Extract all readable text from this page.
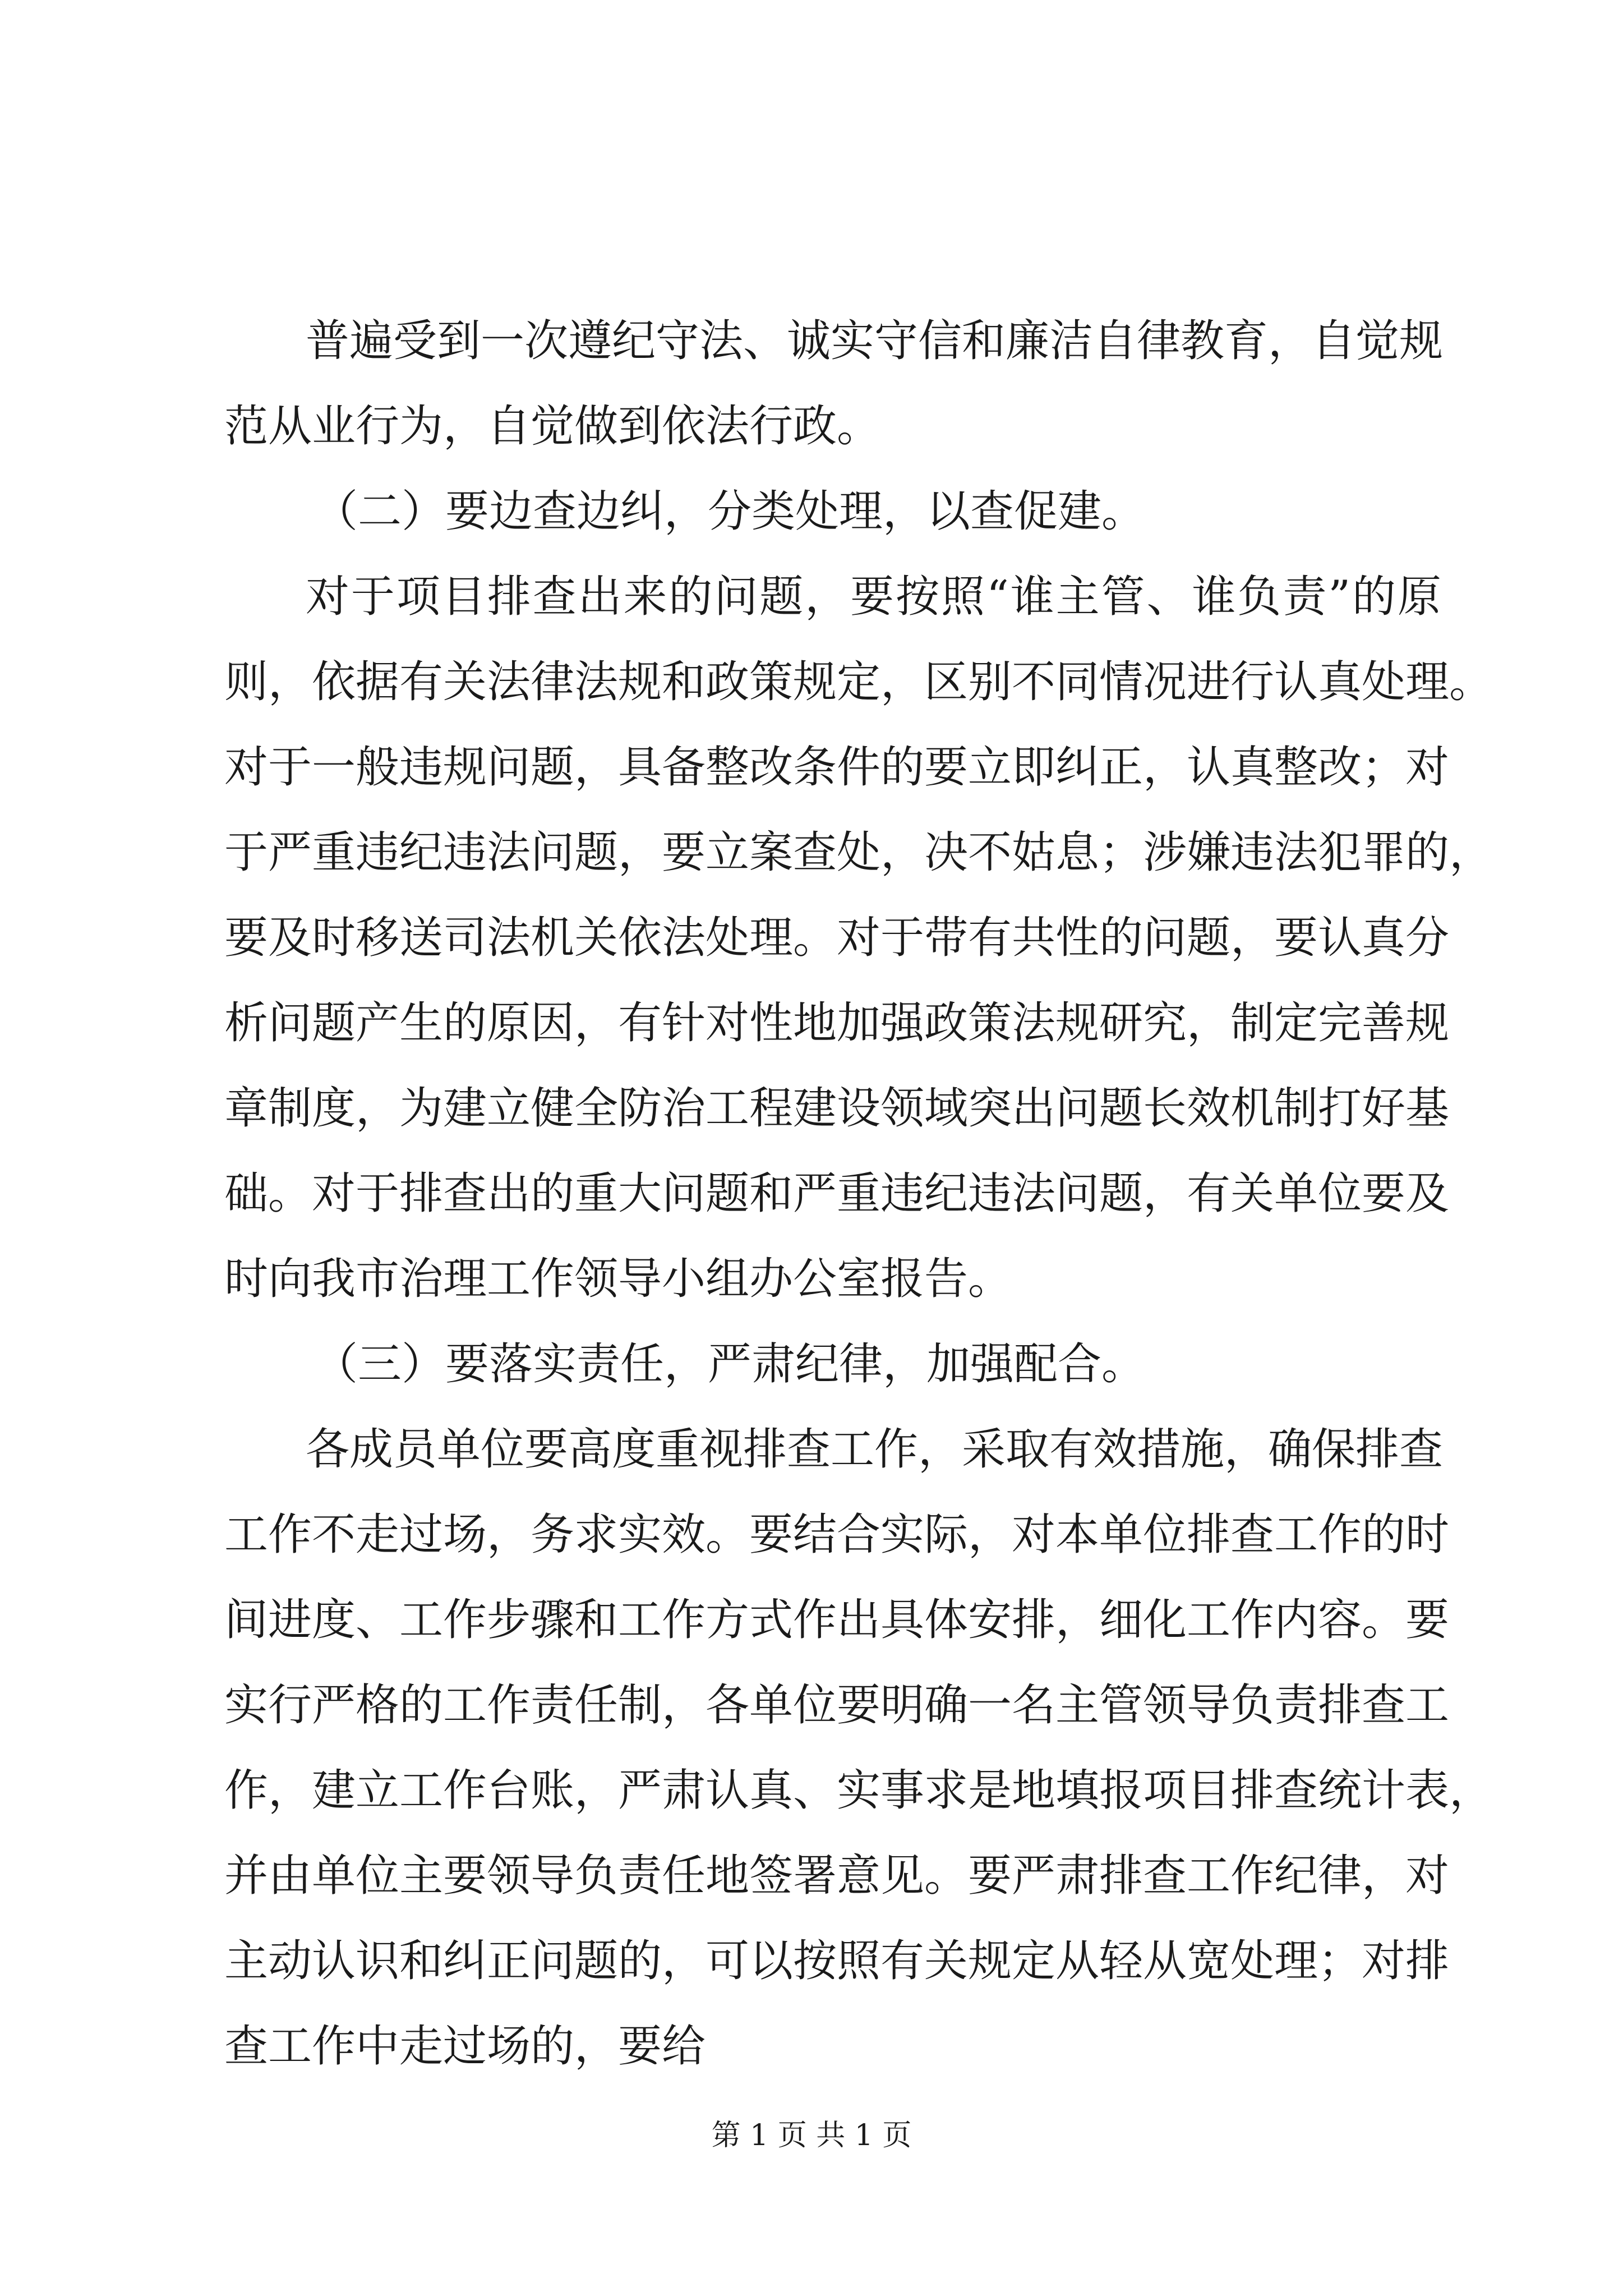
普遍受到一次遵纪守法、诚实守信和廉洁自律教育，自觉规
范从业行为，自觉做到依法行政。
（二）要边查边纠，分类处理，以查促建。
对于项目排查出来的问题，要按照“谁主管、谁负责”的原
则，依据有关法律法规和政策规定，区别不同情况进行认真处理。
对于一般违规问题，具备整改条件的要立即纠正，认真整改；对
于严重违纪违法问题，要立案查处，决不姑息；涉嫌违法犯罪的，
要及时移送司法机关依法处理。对于带有共性的问题，要认真分
析问题产生的原因，有针对性地加强政策法规研究，制定完善规
章制度，为建立健全防治工程建设领域突出问题长效机制打好基
础。对于排查出的重大问题和严重违纪违法问题，有关单位要及
时向我市治理工作领导小组办公室报告。
（三）要落实责任，严肃纪律，加强配合。
各成员单位要高度重视排查工作，采取有效措施，确保排查
工作不走过场，务求实效。要结合实际，对本单位排查工作的时
间进度、工作步骤和工作方式作出具体安排，细化工作内容。要
实行严格的工作责任制，各单位要明确一名主管领导负责排查工
作，建立工作台账，严肃认真、实事求是地填报项目排查统计表，
并由单位主要领导负责任地签署意见。要严肃排查工作纪律，对
主动认识和纠正问题的，可以按照有关规定从轻从宽处理；对排
查工作中走过场的，要给
第 1 页 共 1 页
